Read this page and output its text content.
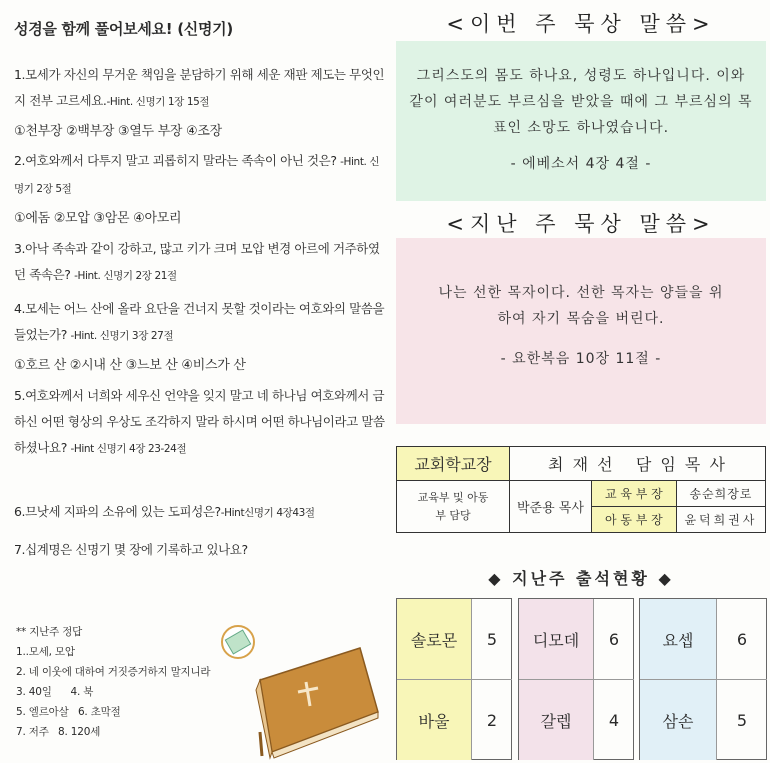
성경을 함께 풀어보세요! (신명기)
1.모세가 자신의 무거운 책임을 분담하기 위해 세운 재판 제도는 무엇인지 전부 고르세요.-Hint. 신명기 1장 15절
①천부장 ②백부장 ③열두 부장 ④조장
2.여호와께서 다투지 말고 괴롭히지 말라는 족속이 아닌 것은? -Hint. 신명기 2장 5절
①에돔 ②모압 ③암몬 ④아모리
3.아낙 족속과 같이 강하고, 많고 키가 크며 모압 변경 아르에 거주하였던 족속은? -Hint. 신명기 2장 21절
4.모세는 어느 산에 올라 요단을 건너지 못할 것이라는 여호와의 말씀을 들었는가? -Hint. 신명기 3장 27절
①호르 산 ②시내 산 ③느보 산 ④비스가 산
5.여호와께서 너희와 세우신 언약을 잊지 말고 네 하나님 여호와께서 금하신 어떤 형상의 우상도 조각하지 말라 하시며 어떤 하나님이라고 말씀하셨나요? -Hint 신명기 4장 23-24절
6.므낫세 지파의 소유에 있는 도피성은?-Hint신명기 4장43절
7.십계명은 신명기 몇 장에 기록하고 있나요?
** 지난주 정답
1..모세, 모압
2. 네 이웃에 대하여 거짓증거하지 말지니라
3. 40일      4. 북
5. 엘르아살   6. 초막절
7. 저주   8. 120세
<이번 주 묵상 말씀>
그리스도의 몸도 하나요, 성령도 하나입니다. 이와 같이 여러분도 부르심을 받았을 때에 그 부르심의 목표인 소망도 하나였습니다.
- 에베소서 4장 4절 -
<지난 주 묵상 말씀>
나는 선한 목자이다. 선한 목자는 양들을 위하여 자기 목숨을 버린다.
- 요한복음 10장 11절 -
교회학교장	최 재 선   담 임 목 사		
교육부 및 아동부 담당	박준용 목사	교 육 부 장	송순희장로
		아 동 부 장	윤덕희권사
◆ 지난주 출석현황 ◆
솔로몬	5
바울	2
디모데	6
갈렙	4
요셉	6
삼손	5
